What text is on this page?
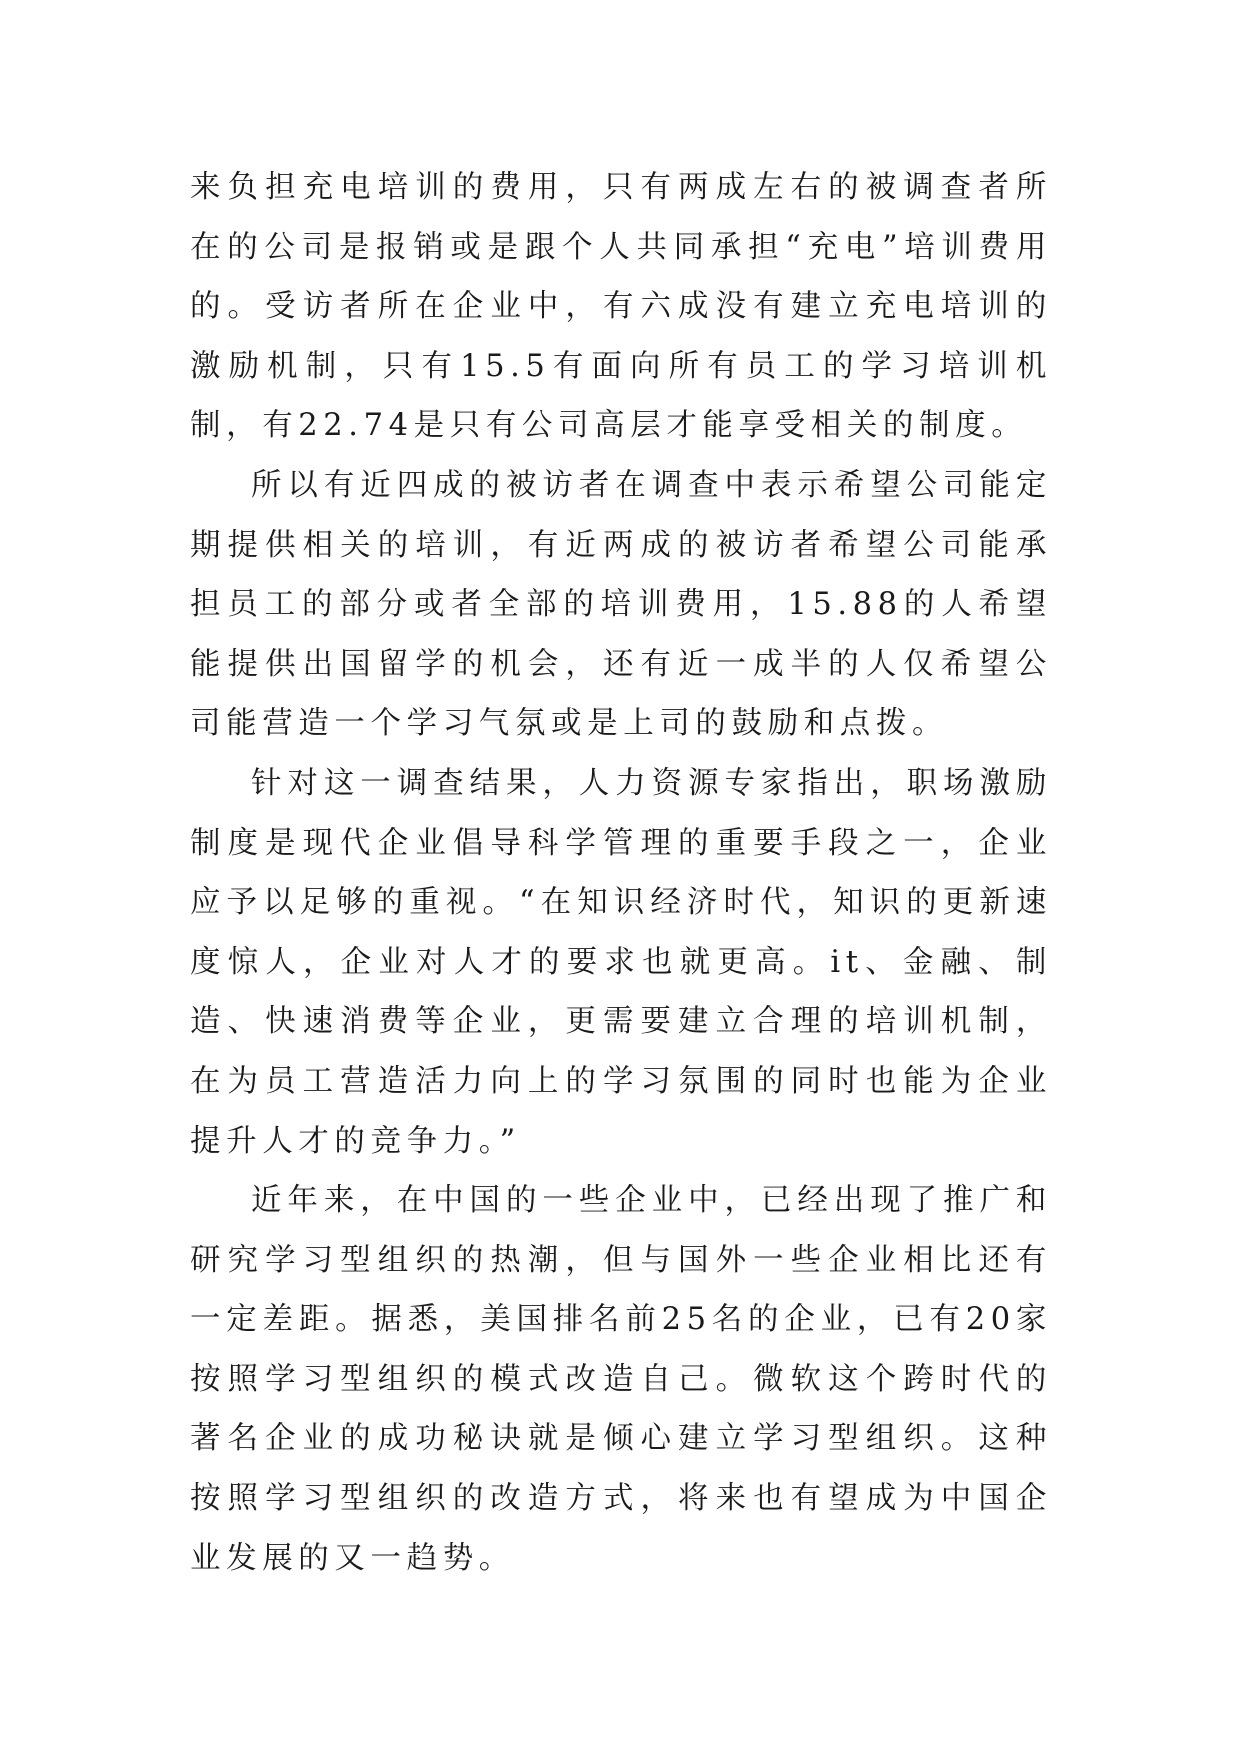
来负担充电培训的费用，只有两成左右的被调查者所在的公司是报销或是跟个人共同承担“充电”培训费用的。受访者所在企业中，有六成没有建立充电培训的激励机制，只有15.5有面向所有员工的学习培训机制，有22.74是只有公司高层才能享受相关的制度。

所以有近四成的被访者在调查中表示希望公司能定期提供相关的培训，有近两成的被访者希望公司能承担员工的部分或者全部的培训费用，15.88的人希望能提供出国留学的机会，还有近一成半的人仅希望公司能营造一个学习气氛或是上司的鼓励和点拨。

针对这一调查结果，人力资源专家指出，职场激励制度是现代企业倡导科学管理的重要手段之一，企业应予以足够的重视。“在知识经济时代，知识的更新速度惊人，企业对人才的要求也就更高。it、金融、制造、快速消费等企业，更需要建立合理的培训机制，在为员工营造活力向上的学习氛围的同时也能为企业提升人才的竞争力。”

近年来，在中国的一些企业中，已经出现了推广和研究学习型组织的热潮，但与国外一些企业相比还有一定差距。据悉，美国排名前25名的企业，已有20家按照学习型组织的模式改造自己。微软这个跨时代的著名企业的成功秘诀就是倾心建立学习型组织。这种按照学习型组织的改造方式，将来也有望成为中国企业发展的又一趋势。
